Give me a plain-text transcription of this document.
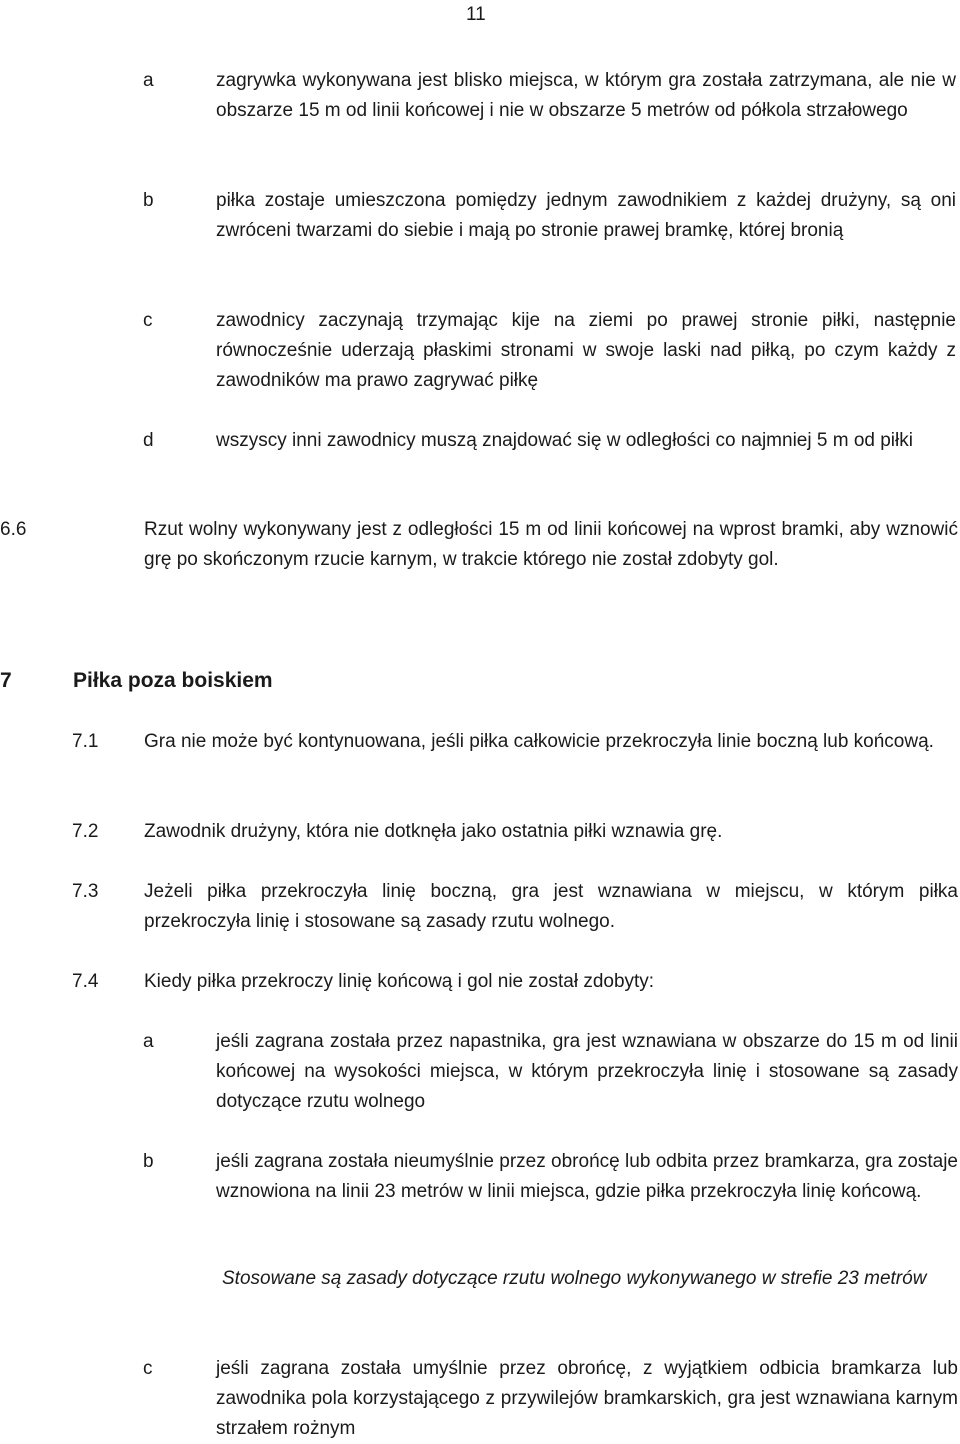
11
a	zagrywka wykonywana jest blisko miejsca, w którym gra została zatrzymana, ale nie w obszarze 15 m od linii końcowej i nie w obszarze 5 metrów od półkola strzałowego
b	piłka zostaje umieszczona pomiędzy jednym zawodnikiem z każdej drużyny, są oni zwróceni twarzami do siebie i mają po stronie prawej bramkę, której bronią
c	zawodnicy zaczynają trzymając kije na ziemi po prawej stronie piłki, następnie równocześnie uderzają płaskimi stronami w swoje laski nad piłką, po czym każdy z zawodników ma prawo zagrywać piłkę
d	wszyscy inni zawodnicy muszą znajdować się w odległości co najmniej 5 m od piłki
6.6	Rzut wolny wykonywany jest z odległości 15 m od linii końcowej na wprost bramki, aby wznowić grę po skończonym rzucie karnym, w trakcie którego nie został zdobyty gol.
7	Piłka poza boiskiem
7.1 Gra nie może być kontynuowana, jeśli piłka całkowicie przekroczyła linie boczną lub końcową.
7.2 Zawodnik drużyny, która nie dotknęła jako ostatnia piłki wznawia grę.
7.3 Jeżeli piłka przekroczyła linię boczną, gra jest wznawiana w miejscu, w którym piłka przekroczyła linię i stosowane są zasady rzutu wolnego.
7.4 Kiedy piłka przekroczy linię końcową i gol nie został zdobyty:
a	jeśli zagrana została przez napastnika, gra jest wznawiana w obszarze do 15 m od linii końcowej na wysokości miejsca, w którym przekroczyła linię i stosowane są zasady dotyczące rzutu wolnego
b	jeśli zagrana została nieumyślnie przez obrońcę lub odbita przez bramkarza, gra zostaje wznowiona na linii 23 metrów w linii miejsca, gdzie piłka przekroczyła linię końcową.
Stosowane są zasady dotyczące rzutu wolnego wykonywanego w strefie 23 metrów
c	jeśli zagrana została umyślnie przez obrońcę, z wyjątkiem odbicia bramkarza lub zawodnika pola korzystającego z przywilejów bramkarskich, gra jest wznawiana karnym strzałem rożnym
